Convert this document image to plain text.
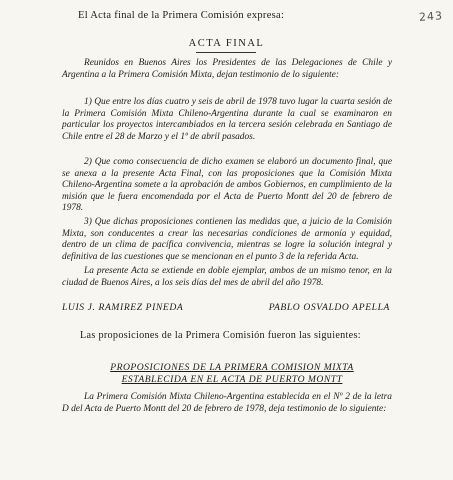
243
El Acta final de la Primera Comisión expresa:
ACTA FINAL
Reunidos en Buenos Aires los Presidentes de las Delegaciones de Chile y Argentina a la Primera Comisión Mixta, dejan testimonio de lo siguiente:
1) Que entre los días cuatro y seis de abril de 1978 tuvo lugar la cuarta sesión de la Primera Comisión Mixta Chileno-Argentina durante la cual se examinaron en particular los proyectos intercambiados en la tercera sesión celebrada en Santiago de Chile entre el 28 de Marzo y el 1º de abril pasados.
2) Que como consecuencia de dicho examen se elaboró un documento final, que se anexa a la presente Acta Final, con las proposiciones que la Comisión Mixta Chileno-Argentina somete a la aprobación de ambos Gobiernos, en cumplimiento de la misión que le fuera encomendada por el Acta de Puerto Montt del 20 de febrero de 1978.
3) Que dichas proposiciones contienen las medidas que, a juicio de la Comisión Mixta, son conducentes a crear las necesarias condiciones de armonía y equidad, dentro de un clima de pacífica convivencia, mientras se logre la solución integral y definitiva de las cuestiones que se mencionan en el punto 3 de la referida Acta.
La presente Acta se extiende en doble ejemplar, ambos de un mismo tenor, en la ciudad de Buenos Aires, a los seis días del mes de abril del año 1978.
LUIS J. RAMIREZ PINEDA	PABLO OSVALDO APELLA
Las proposiciones de la Primera Comisión fueron las siguientes:
PROPOSICIONES DE LA PRIMERA COMISION MIXTA
ESTABLECIDA EN EL ACTA DE PUERTO MONTT
La Primera Comisión Mixta Chileno-Argentina establecida en el Nº 2 de la letra D del Acta de Puerto Montt del 20 de febrero de 1978, deja testimonio de lo siguiente:
